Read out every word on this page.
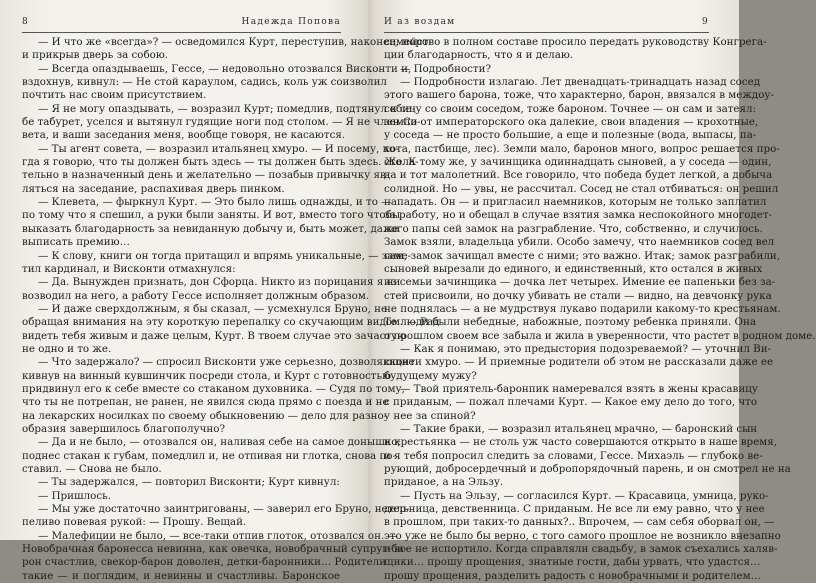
8	Надежда Попова
— И что же «всегда»? — осведомился Курт, переступив, наконец, порог
и прикрыв дверь за собою.
— Всегда опаздываешь, Гессе, — недовольно отозвался Висконти и,
вздохнув, кивнул: — Не стой караулом, садись, коль уж соизволил
почтить нас своим присутствием.
— Я не могу опаздывать, — возразил Курт; помедлив, подтянул к се-
бе табурет, уселся и вытянул гудящие ноги под столом. — Я не член Со-
вета, и ваши заседания меня, вообще говоря, не касаются.
— Ты агент совета, — возразил итальянец хмуро. — И посему, ко-
гда я говорю, что ты должен быть здесь — ты должен быть здесь. Жела-
тельно в назначенный день и желательно — позабыв привычку яв-
ляться на заседание, распахивая дверь пинком.
— Клевета, — фыркнул Курт. — Это было лишь однажды, и то —
по тому что я спешил, а руки были заняты. И вот, вместо того чтобы
выказать благодарность за невиданную добычу и, быть может, даже
выписать премию…
— К слову, книги он тогда притащил и впрямь уникальные, — заме-
тил кардинал, и Висконти отмахнулся:
— Да. Вынужден признать, дон Сфорца. Никто из порицания я ни
возводил на него, а работу Гессе исполняет должным образом.
— И даже сверхдолжным, я бы сказал, — усмехнулся Бруно, не
обращая внимания на эту короткую перепалку со скучающим видом. — Рад
видеть тебя живым и даже целым, Курт. В твоем случае это зачастую
не одно и то же.
— Что задержало? — спросил Висконти уже серьезно, дозволяющие
кивнув на винный кувшинчик посреди стола, и Курт с готовностью
придвинул его к себе вместе со стаканом духовника. — Судя по тому,
что ты не потрепан, не ранен, не явился сюда прямо с поезда и не
на лекарских носилках по своему обыкновению — дело для разно-
образия завершилось благополучно?
— Да и не было, — отозвался он, наливая себе на самое донышко;
поднес стакан к губам, помедлил и, не отпивая ни глотка, снова по-
ставил. — Снова не было.
— Ты задержался, — повторил Висконти; Курт кивнул:
— Пришлось.
— Мы уже достаточно заинтригованы, — заверил его Бруно, нетер-
пеливо повевая рукой: — Прошу. Вещай.
— Малефиции не было, — все-таки отпив глоток, отозвался он. —
Новобрачная баронесса невинна, как овечка, новобрачный супруг-ба-
рон счастлив, свекор-барон доволен, детки-баронники… Родители
такие — и поглядим, и невинны и счастливы. Баронское
И аз воздам	9
семейство в полном составе просило передать руководству Конгрега-
ции благодарность, что я и делаю.
— Подробности?
— Подробности излагаю. Лет двенадцать-тринадцать назад сосед
этого вашего барона, тоже, что характерно, барон, ввязался в междоу-
собицу со своим соседом, тоже бароном. Точнее — он сам и затеял:
земли от императорского ока далекие, свои владения — крохотные,
у соседа — не просто большие, а еще и полезные (вода, выпасы, па-
хота, пастбище, лес). Земли мало, баронов много, вопрос решается про-
сто. К тому же, у зачинщика одиннадцать сыновей, а у соседа — один,
да и тот малолетний. Все говорило, что победа будет легкой, а добыча
солидной. Но — увы, не рассчитал. Сосед не стал отбиваться: он решил
нападать. Он — и пригласил наемников, которым не только заплатил
за работу, но и обещал в случае взятия замка неспокойного многодет-
ного папы сей замок на разграбление. Что, собственно, и случилось.
Замок взяли, владельца убили. Особо замечу, что наемников сосед вел
сам, замок зачищал вместе с ними; это важно. Итак; замок разграбили,
сыновей вырезали до единого, и единственный, кто остался в живых
из семьи зачинщика — дочка лет четырех. Имение ее папеньки без за-
стей присвоили, но дочку убивать не стали — видно, на девчонку рука
не поднялась — а не мудрствуя лукаво подарили какому-то крестьянам.
Те люди были небедные, набожные, поэтому ребенка приняли. Она
о прошлом своем все забыла и жила в уверенности, что растет в родном доме.
— Как я понимаю, это предыстория подозреваемой? — уточнил Ви-
сконти хмуро. — И приемные родители об этом не рассказали даже ее
будущему мужу?
— Твой приятель-баронпик намеревался взять в жены красавицу
с приданым, — пожал плечами Курт. — Какое ему дело до того, что
у нее за спиной?
— Такие браки, — возразил итальянец мрачно, — баронский сын
и крестьянка — не столь уж часто совершаются открыто в наше время,
и я тебя попросил следить за словами, Гессе. Михаэль — глубоко ве-
рующий, добросердечный и добропорядочный парень, и он смотрел не на
приданое, а на Эльзу.
— Пусть на Эльзу, — согласился Курт. — Красавица, умница, руко-
дельница, девственница. С приданым. Не все ли ему равно, что у нее
в прошлом, при таких-то данных?.. Впрочем, — сам себя оборвал он, —
это уже не было бы верно, с того самого прошлое не возникло внезапно
и все не испортило. Когда справляли свадьбу, в замок съехались халяв-
щики… прошу прощения, знатные гости, дабы урвать, что удастся…
прошу прощения, разделить радость с новобрачными и родителем…
